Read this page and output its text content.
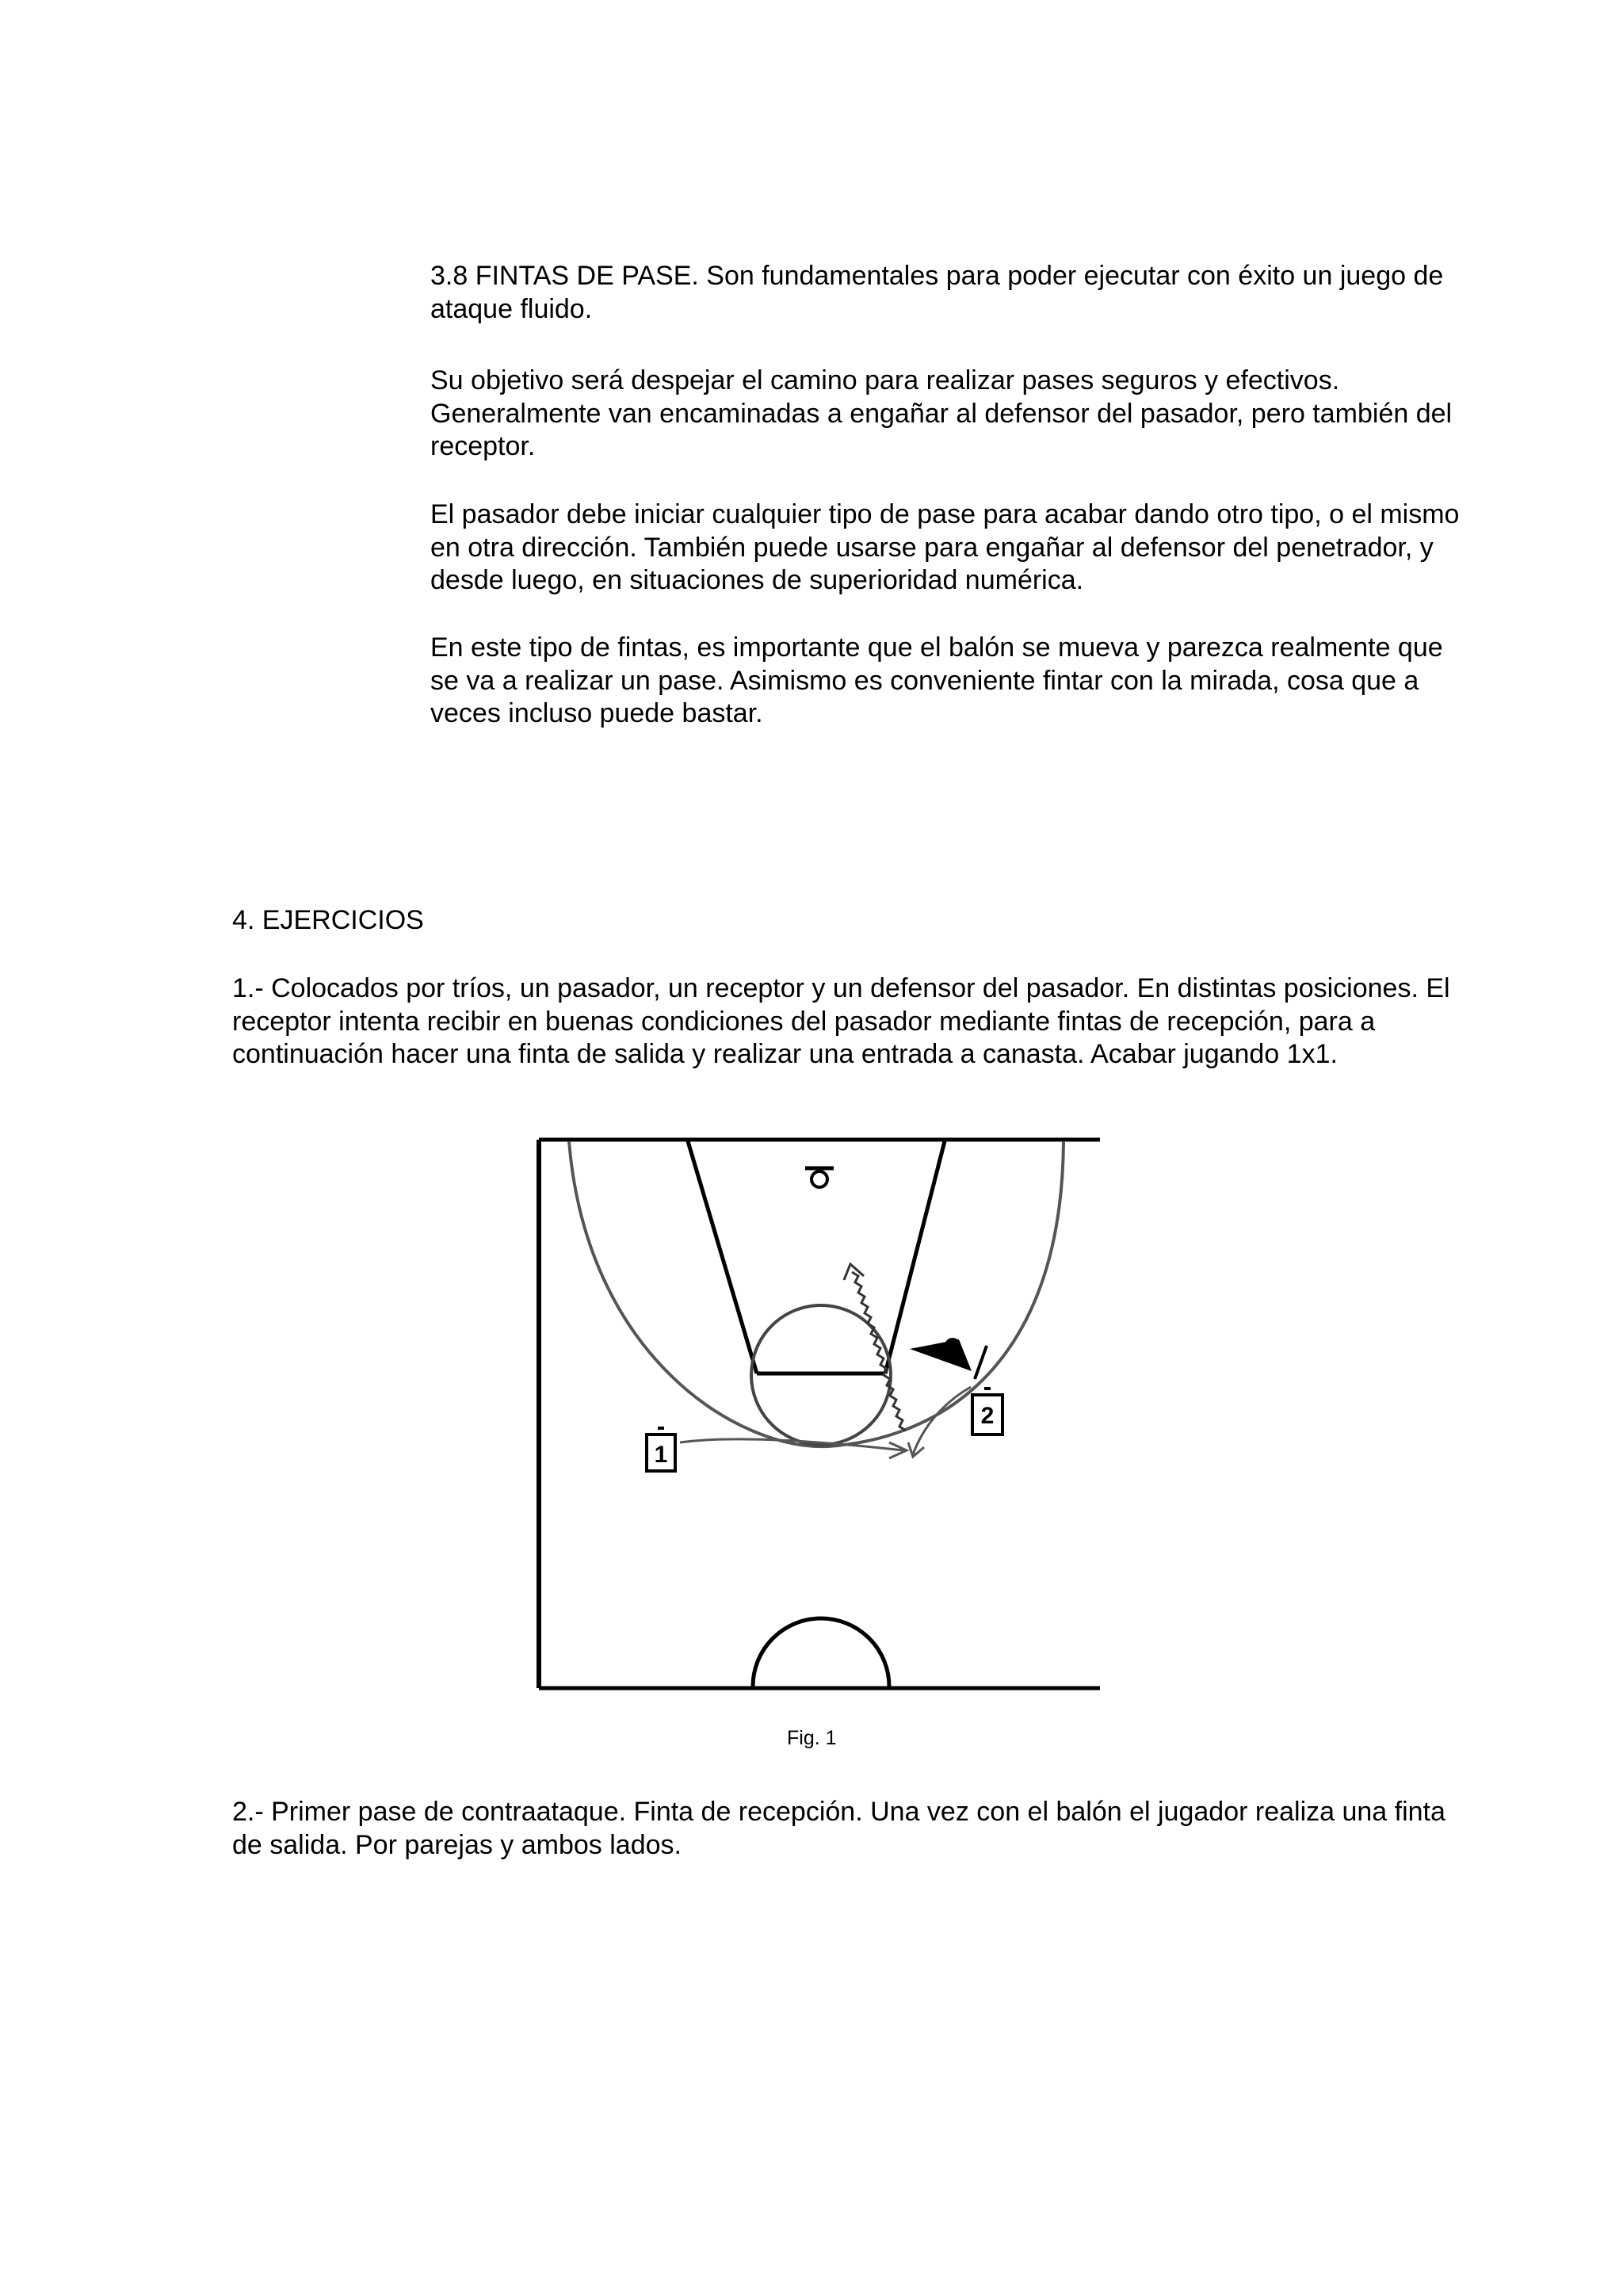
3.8 FINTAS DE PASE. Son fundamentales para poder ejecutar con éxito un juego de ataque fluido.

Su objetivo será despejar el camino para realizar pases seguros y efectivos. Generalmente van encaminadas a engañar al defensor del pasador, pero también del receptor.

El pasador debe iniciar cualquier tipo de pase para acabar dando otro tipo, o el mismo en otra dirección. También puede usarse para engañar al defensor del penetrador, y desde luego, en situaciones de superioridad numérica.

En este tipo de fintas, es importante que el balón se mueva y parezca realmente que se va a realizar un pase. Asimismo es conveniente fintar con la mirada, cosa que a veces incluso puede bastar.

4. EJERCICIOS

1.- Colocados por tríos, un pasador, un receptor y un defensor del pasador. En distintas posiciones. El receptor intenta recibir en buenas condiciones del pasador mediante fintas de recepción, para a continuación hacer una finta de salida y realizar una entrada a canasta. Acabar jugando 1x1.

1
2
Fig. 1

2.- Primer pase de contraataque. Finta de recepción. Una vez con el balón el jugador realiza una finta de salida. Por parejas y ambos lados.
